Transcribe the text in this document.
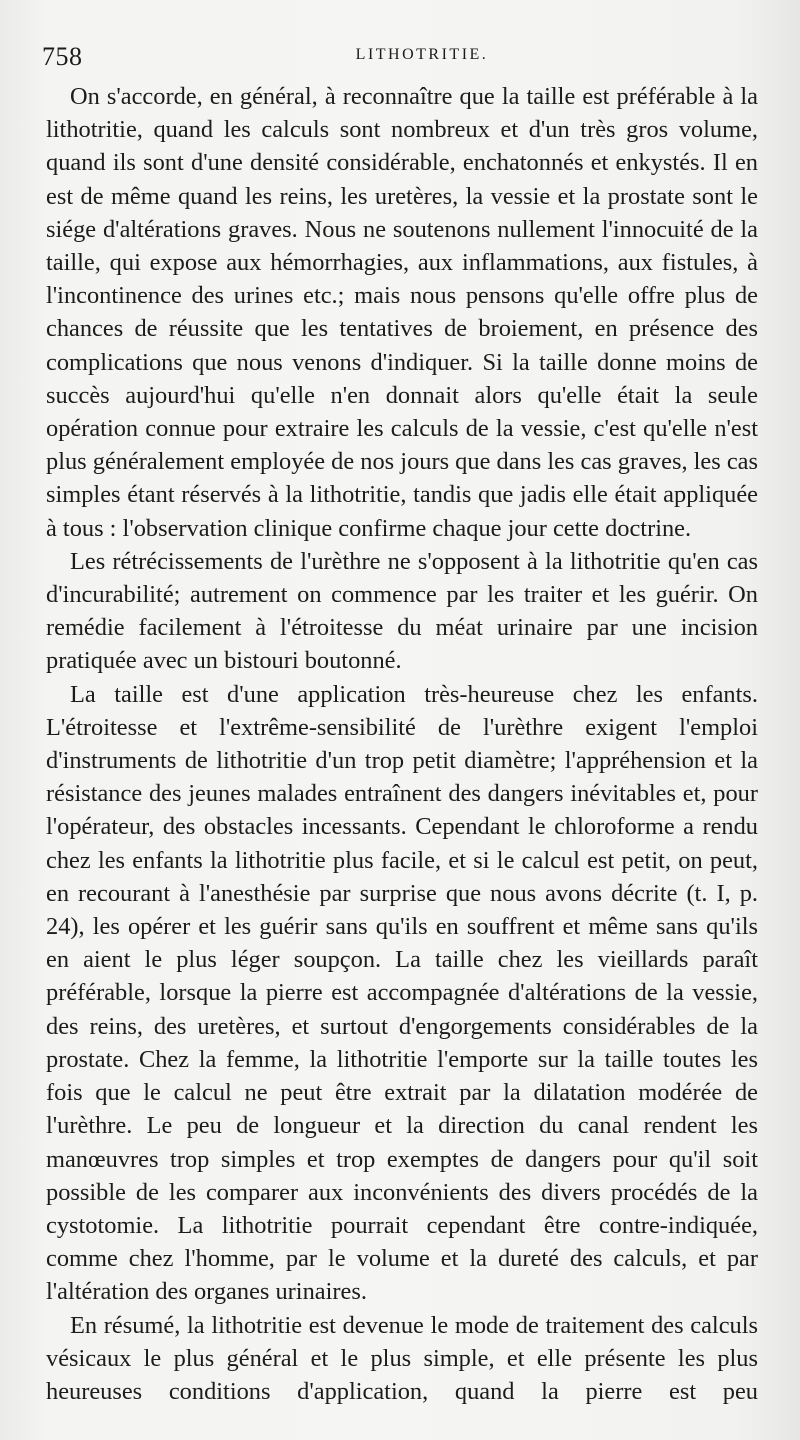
758	LITHOTRITIE.

On s'accorde, en général, à reconnaître que la taille est préférable à la lithotritie, quand les calculs sont nombreux et d'un très gros volume, quand ils sont d'une densité considérable, enchatonnés et enkystés. Il en est de même quand les reins, les uretères, la vessie et la prostate sont le siége d'altérations graves. Nous ne soutenons nullement l'innocuité de la taille, qui expose aux hémorrhagies, aux inflammations, aux fistules, à l'incontinence des urines etc.; mais nous pensons qu'elle offre plus de chances de réussite que les tentatives de broiement, en présence des complications que nous venons d'indiquer. Si la taille donne moins de succès aujourd'hui qu'elle n'en donnait alors qu'elle était la seule opération connue pour extraire les calculs de la vessie, c'est qu'elle n'est plus généralement employée de nos jours que dans les cas graves, les cas simples étant réservés à la lithotritie, tandis que jadis elle était appliquée à tous : l'observation clinique confirme chaque jour cette doctrine.

Les rétrécissements de l'urèthre ne s'opposent à la lithotritie qu'en cas d'incurabilité; autrement on commence par les traiter et les guérir. On remédie facilement à l'étroitesse du méat urinaire par une incision pratiquée avec un bistouri boutonné.

La taille est d'une application très-heureuse chez les enfants. L'étroitesse et l'extrême-sensibilité de l'urèthre exigent l'emploi d'instruments de lithotritie d'un trop petit diamètre; l'appréhension et la résistance des jeunes malades entraînent des dangers inévitables et, pour l'opérateur, des obstacles incessants. Cependant le chloroforme a rendu chez les enfants la lithotritie plus facile, et si le calcul est petit, on peut, en recourant à l'anesthésie par surprise que nous avons décrite (t. I, p. 24), les opérer et les guérir sans qu'ils en souffrent et même sans qu'ils en aient le plus léger soupçon. La taille chez les vieillards paraît préférable, lorsque la pierre est accompagnée d'altérations de la vessie, des reins, des uretères, et surtout d'engorgements considérables de la prostate. Chez la femme, la lithotritie l'emporte sur la taille toutes les fois que le calcul ne peut être extrait par la dilatation modérée de l'urèthre. Le peu de longueur et la direction du canal rendent les manœuvres trop simples et trop exemptes de dangers pour qu'il soit possible de les comparer aux inconvénients des divers procédés de la cystotomie. La lithotritie pourrait cependant être contre-indiquée, comme chez l'homme, par le volume et la dureté des calculs, et par l'altération des organes urinaires.

En résumé, la lithotritie est devenue le mode de traitement des calculs vésicaux le plus général et le plus simple, et elle présente les plus heureuses conditions d'application, quand la pierre est peu
